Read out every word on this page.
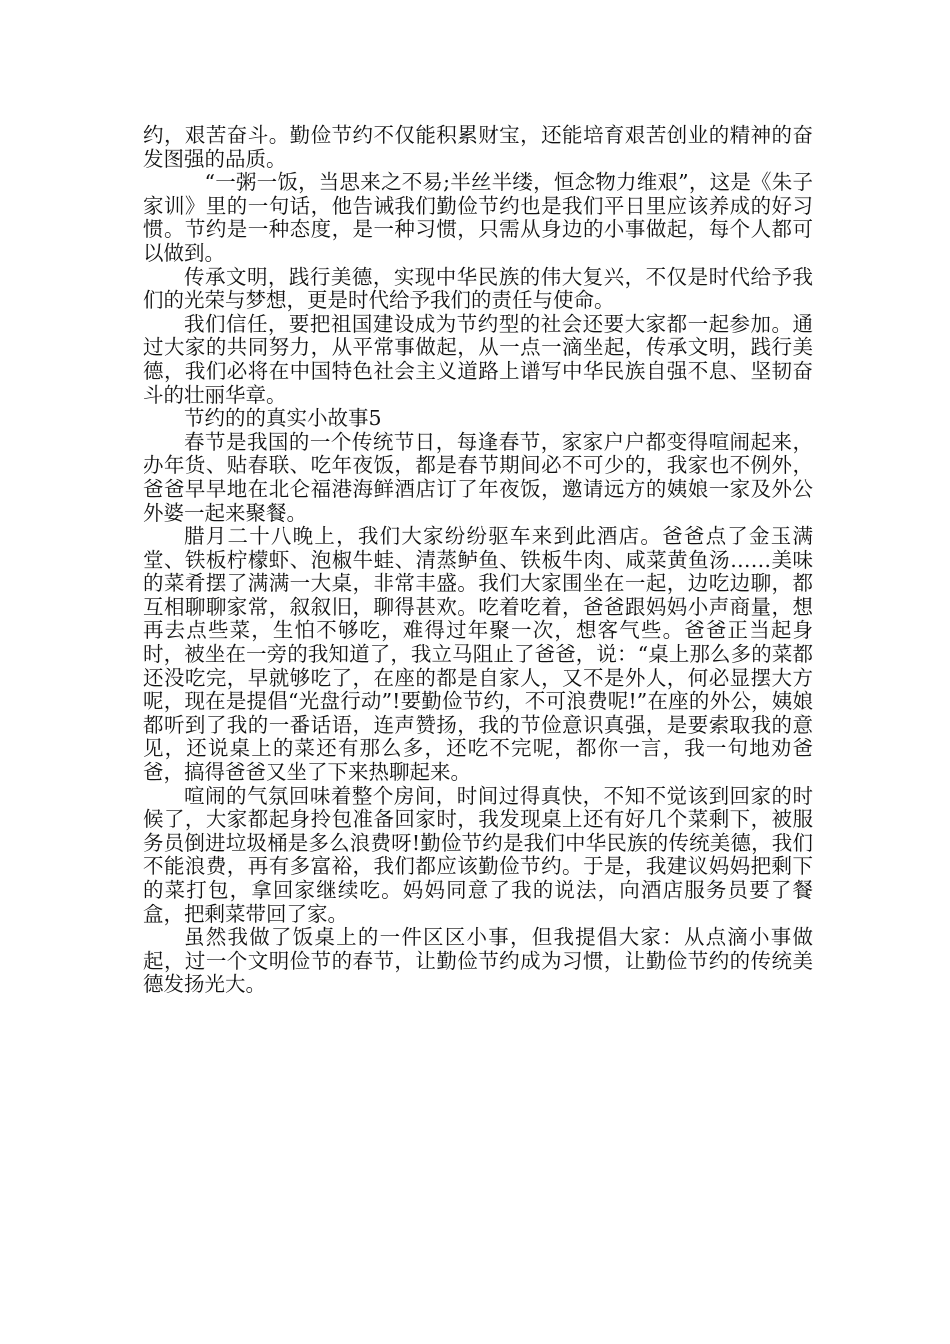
约，艰苦奋斗。勤俭节约不仅能积累财宝，还能培育艰苦创业的精神的奋发图强的品质。

“一粥一饭，当思来之不易;半丝半缕，恒念物力维艰”，这是《朱子家训》里的一句话，他告诫我们勤俭节约也是我们平日里应该养成的好习惯。节约是一种态度，是一种习惯，只需从身边的小事做起，每个人都可以做到。

传承文明，践行美德，实现中华民族的伟大复兴，不仅是时代给予我们的光荣与梦想，更是时代给予我们的责任与使命。

我们信任，要把祖国建设成为节约型的社会还要大家都一起参加。通过大家的共同努力，从平常事做起，从一点一滴坐起，传承文明，践行美德，我们必将在中国特色社会主义道路上谱写中华民族自强不息、坚韧奋斗的壮丽华章。

节约的的真实小故事5

春节是我国的一个传统节日，每逢春节，家家户户都变得喧闹起来，办年货、贴春联、吃年夜饭，都是春节期间必不可少的，我家也不例外，爸爸早早地在北仑福港海鲜酒店订了年夜饭，邀请远方的姨娘一家及外公外婆一起来聚餐。

腊月二十八晚上，我们大家纷纷驱车来到此酒店。爸爸点了金玉满堂、铁板柠檬虾、泡椒牛蛙、清蒸鲈鱼、铁板牛肉、咸菜黄鱼汤……美味的菜肴摆了满满一大桌，非常丰盛。我们大家围坐在一起，边吃边聊，都互相聊聊家常，叙叙旧，聊得甚欢。吃着吃着，爸爸跟妈妈小声商量，想再去点些菜，生怕不够吃，难得过年聚一次，想客气些。爸爸正当起身时，被坐在一旁的我知道了，我立马阻止了爸爸，说：“桌上那么多的菜都还没吃完，早就够吃了，在座的都是自家人，又不是外人，何必显摆大方呢，现在是提倡“光盘行动”!要勤俭节约，不可浪费呢!”在座的外公，姨娘都听到了我的一番话语，连声赞扬，我的节俭意识真强，是要索取我的意见，还说桌上的菜还有那么多，还吃不完呢，都你一言，我一句地劝爸爸，搞得爸爸又坐了下来热聊起来。

喧闹的气氛回味着整个房间，时间过得真快，不知不觉该到回家的时候了，大家都起身拎包准备回家时，我发现桌上还有好几个菜剩下，被服务员倒进垃圾桶是多么浪费呀!勤俭节约是我们中华民族的传统美德，我们不能浪费，再有多富裕，我们都应该勤俭节约。于是，我建议妈妈把剩下的菜打包，拿回家继续吃。妈妈同意了我的说法，向酒店服务员要了餐盒，把剩菜带回了家。

虽然我做了饭桌上的一件区区小事，但我提倡大家：从点滴小事做起，过一个文明俭节的春节，让勤俭节约成为习惯，让勤俭节约的传统美德发扬光大。
